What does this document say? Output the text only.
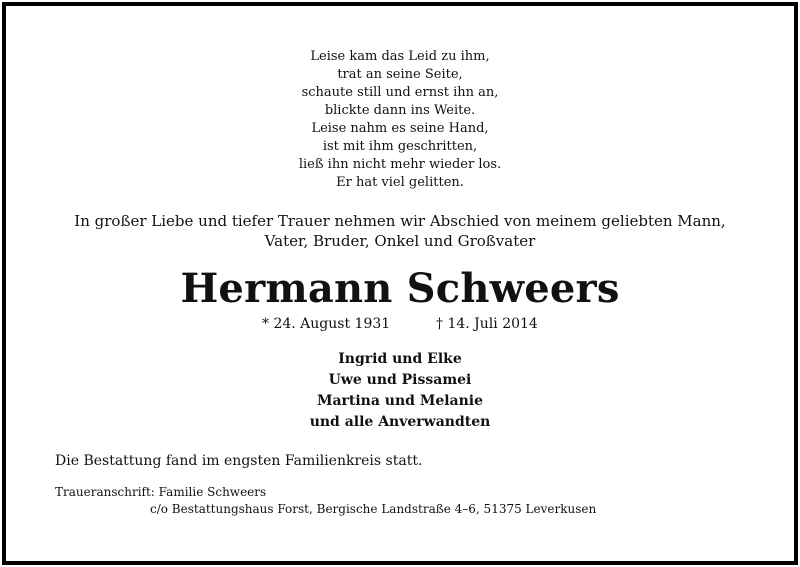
Leise kam das Leid zu ihm,
trat an seine Seite,
schaute still und ernst ihn an,
blickte dann ins Weite.
Leise nahm es seine Hand,
ist mit ihm geschritten,
ließ ihn nicht mehr wieder los.
Er hat viel gelitten.
In großer Liebe und tiefer Trauer nehmen wir Abschied von meinem geliebten Mann,
Vater, Bruder, Onkel und Großvater
Hermann Schweers
* 24. August 1931	† 14. Juli 2014
Ingrid und Elke
Uwe und Pissamei
Martina und Melanie
und alle Anverwandten
Die Bestattung fand im engsten Familienkreis statt.
Traueranschrift: Familie Schweers
c/o Bestattungshaus Forst, Bergische Landstraße 4–6, 51375 Leverkusen
